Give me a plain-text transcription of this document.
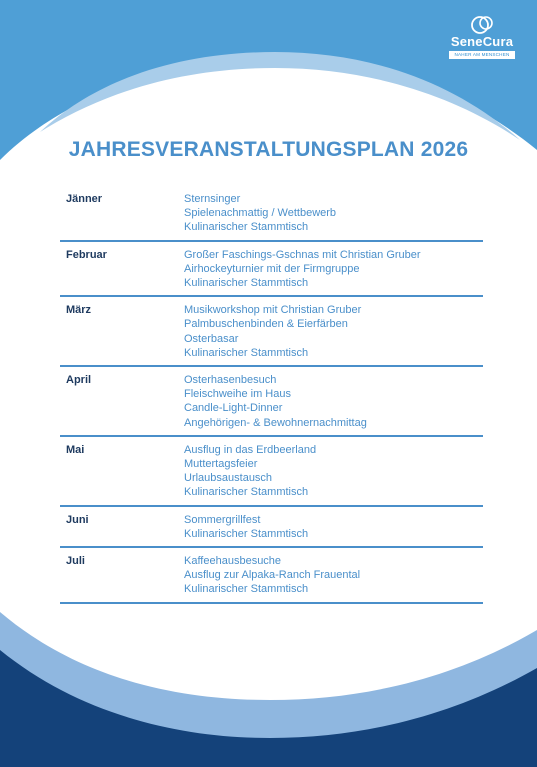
SeneCura
NAHER AM MENSCHEN
JAHRESVERANSTALTUNGSPLAN 2026
Jänner	Sternsinger
Spielenachmattig / Wettbewerb
Kulinarischer Stammtisch
Februar	Großer Faschings-Gschnas mit Christian Gruber
Airhockeyturnier mit der Firmgruppe
Kulinarischer Stammtisch
März	Musikworkshop mit Christian Gruber
Palmbuschenbinden & Eierfärben
Osterbasar
Kulinarischer Stammtisch
April	Osterhasenbesuch
Fleischweihe im Haus
Candle-Light-Dinner
Angehörigen- & Bewohnernachmittag
Mai	Ausflug in das Erdbeerland
Muttertagsfeier
Urlaubsaustausch
Kulinarischer Stammtisch
Juni	Sommergrillfest
Kulinarischer Stammtisch
Juli	Kaffeehausbesuche
Ausflug zur Alpaka-Ranch Frauental
Kulinarischer Stammtisch
